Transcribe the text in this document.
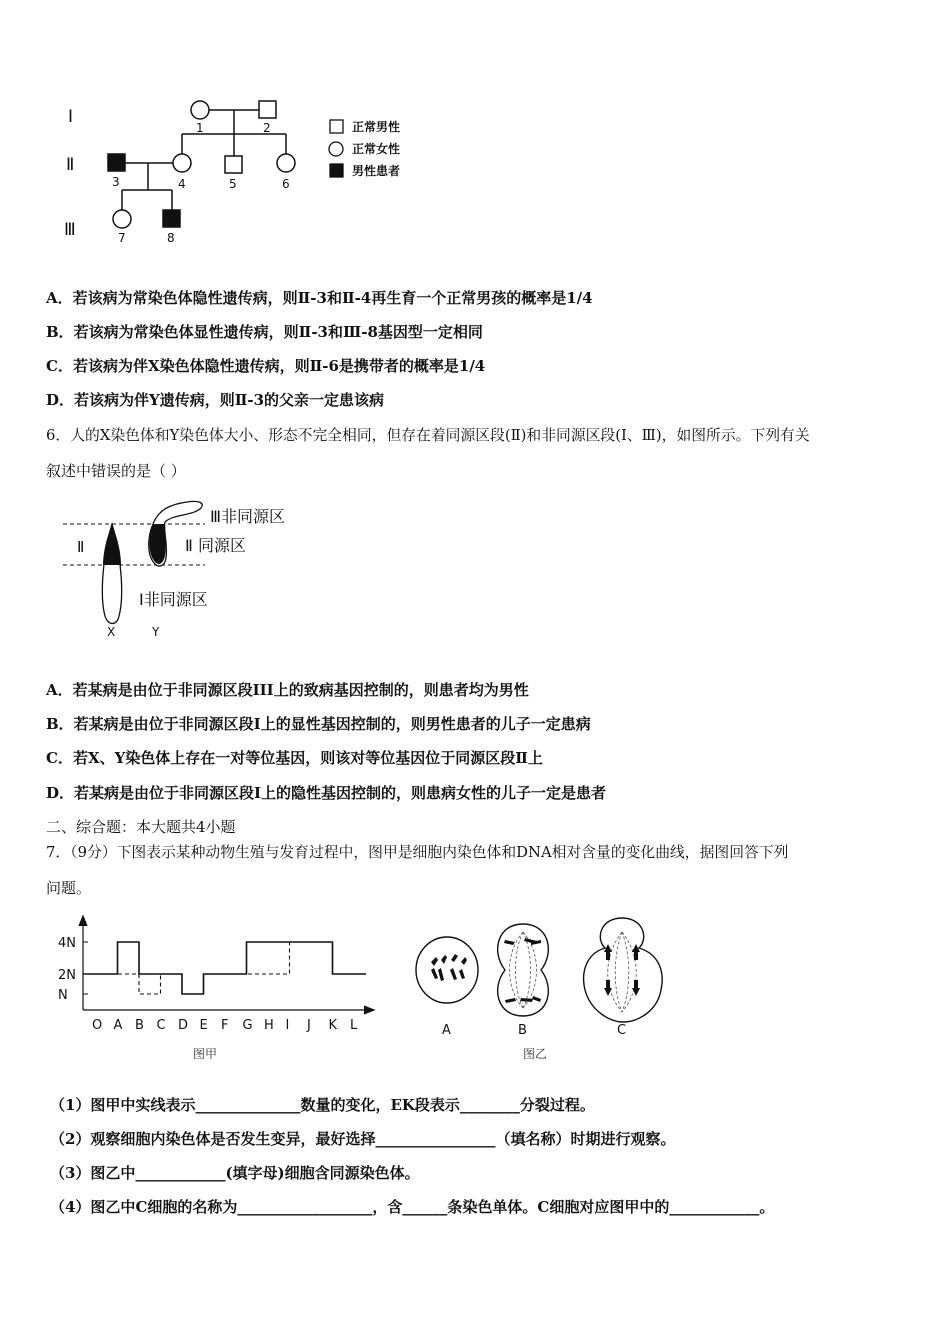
Ⅰ
Ⅱ
Ⅲ
1	2
3	4	5	6
7	8
正常男性
正常女性
男性患者
A．若该病为常染色体隐性遗传病，则Ⅱ-3和Ⅱ-4再生育一个正常男孩的概率是1/4
B．若该病为常染色体显性遗传病，则Ⅱ-3和Ⅲ-8基因型一定相同
C．若该病为伴X染色体隐性遗传病，则Ⅱ-6是携带者的概率是1/4
D．若该病为伴Y遗传病，则Ⅱ-3的父亲一定患该病
6．人的X染色体和Y染色体大小、形态不完全相同，但存在着同源区段(Ⅱ)和非同源区段(Ⅰ、Ⅲ)，如图所示。下列有关
叙述中错误的是（ ）
Ⅱ
Ⅲ非同源区
Ⅱ 同源区
Ⅰ非同源区
X	Y
A．若某病是由位于非同源区段III上的致病基因控制的，则患者均为男性
B．若某病是由位于非同源区段Ⅰ上的显性基因控制的，则男性患者的儿子一定患病
C．若X、Y染色体上存在一对等位基因，则该对等位基因位于同源区段Ⅱ上
D．若某病是由位于非同源区段I上的隐性基因控制的，则患病女性的儿子一定是患者
二、综合题：本大题共4小题
7．（9分）下图表示某种动物生殖与发育过程中，图甲是细胞内染色体和DNA相对含量的变化曲线，据图回答下列
问题。
4N
2N
N
O A B C D E F G H I J K L
图甲
A	B	C
图乙
（1）图甲中实线表示______________数量的变化，EK段表示________分裂过程。
（2）观察细胞内染色体是否发生变异，最好选择________________（填名称）时期进行观察。
（3）图乙中____________(填字母)细胞含同源染色体。
（4）图乙中C细胞的名称为__________________，含______条染色单体。C细胞对应图甲中的____________。
